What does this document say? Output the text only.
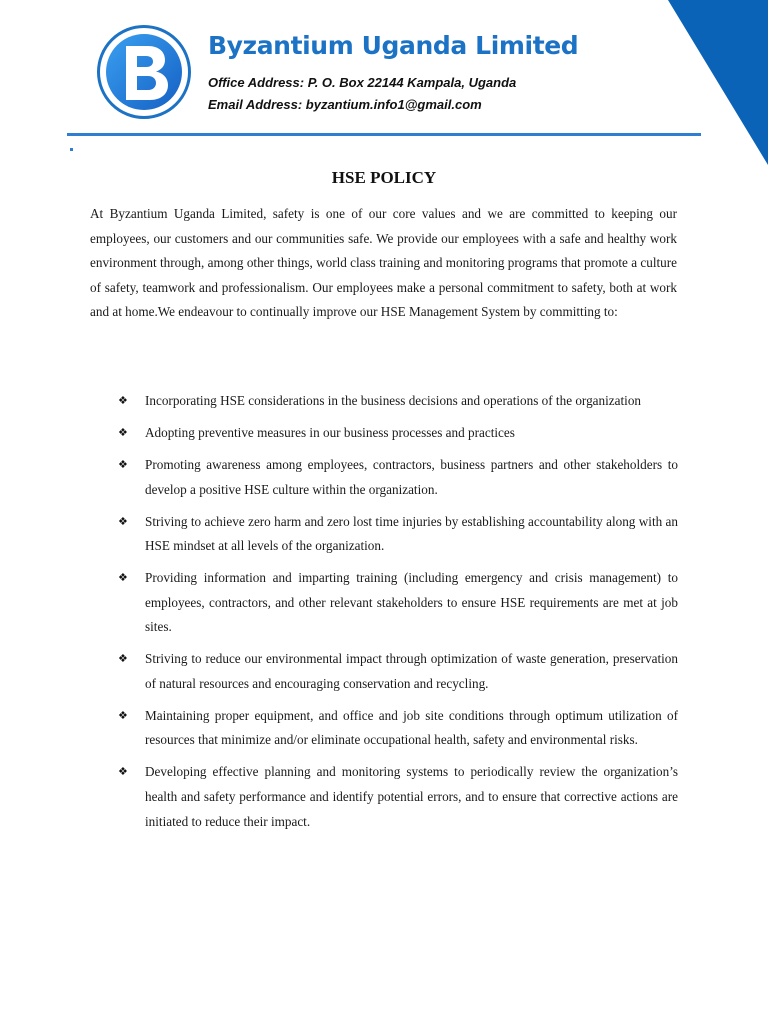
Byzantium Uganda Limited
Office Address: P. O. Box 22144 Kampala, Uganda
Email Address: byzantium.info1@gmail.com
HSE POLICY

At Byzantium Uganda Limited, safety is one of our core values and we are committed to keeping our employees, our customers and our communities safe. We provide our employees with a safe and healthy work environment through, among other things, world class training and monitoring programs that promote a culture of safety, teamwork and professionalism. Our employees make a personal commitment to safety, both at work and at home.We endeavour to continually improve our HSE Management System by committing to:

❖ Incorporating HSE considerations in the business decisions and operations of the organization
❖ Adopting preventive measures in our business processes and practices
❖ Promoting awareness among employees, contractors, business partners and other stakeholders to develop a positive HSE culture within the organization.
❖ Striving to achieve zero harm and zero lost time injuries by establishing accountability along with an HSE mindset at all levels of the organization.
❖ Providing information and imparting training (including emergency and crisis management) to employees, contractors, and other relevant stakeholders to ensure HSE requirements are met at job sites.
❖ Striving to reduce our environmental impact through optimization of waste generation, preservation of natural resources and encouraging conservation and recycling.
❖ Maintaining proper equipment, and office and job site conditions through optimum utilization of resources that minimize and/or eliminate occupational health, safety and environmental risks.
❖ Developing effective planning and monitoring systems to periodically review the organization’s health and safety performance and identify potential errors, and to ensure that corrective actions are initiated to reduce their impact.
